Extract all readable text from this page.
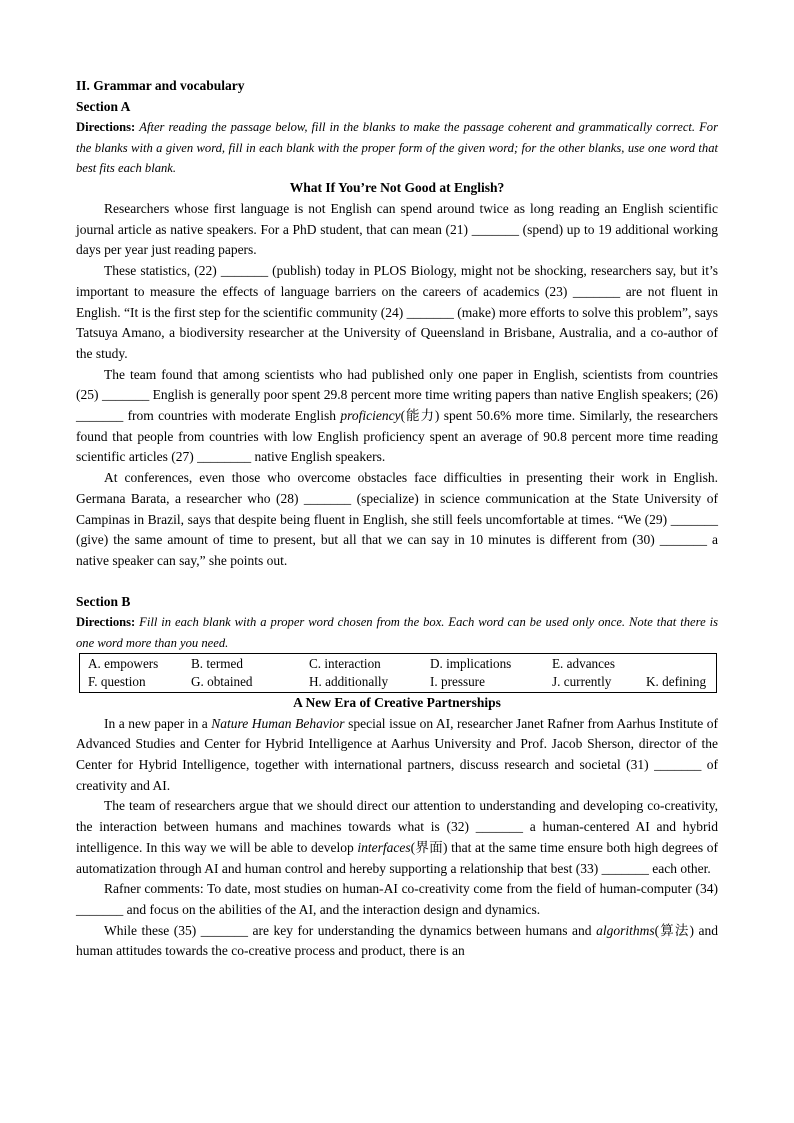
II. Grammar and vocabulary

Section A

Directions: After reading the passage below, fill in the blanks to make the passage coherent and grammatically correct. For the blanks with a given word, fill in each blank with the proper form of the given word; for the other blanks, use one word that best fits each blank.

What If You’re Not Good at English?

Researchers whose first language is not English can spend around twice as long reading an English scientific journal article as native speakers. For a PhD student, that can mean (21) _______ (spend) up to 19 additional working days per year just reading papers.

These statistics, (22) _______ (publish) today in PLOS Biology, might not be shocking, researchers say, but it’s important to measure the effects of language barriers on the careers of academics (23) _______ are not fluent in English. “It is the first step for the scientific community (24) _______ (make) more efforts to solve this problem”, says Tatsuya Amano, a biodiversity researcher at the University of Queensland in Brisbane, Australia, and a co-author of the study.

The team found that among scientists who had published only one paper in English, scientists from countries (25) _______ English is generally poor spent 29.8 percent more time writing papers than native English speakers; (26) _______ from countries with moderate English proficiency(能力) spent 50.6% more time. Similarly, the researchers found that people from countries with low English proficiency spent an average of 90.8 percent more time reading scientific articles (27) ________ native English speakers.

At conferences, even those who overcome obstacles face difficulties in presenting their work in English. Germana Barata, a researcher who (28) _______ (specialize) in science communication at the State University of Campinas in Brazil, says that despite being fluent in English, she still feels uncomfortable at times. “We (29) _______ (give) the same amount of time to present, but all that we can say in 10 minutes is different from (30) _______ a native speaker can say,” she points out.

Section B

Directions: Fill in each blank with a proper word chosen from the box. Each word can be used only once. Note that there is one word more than you need.

A. empowers	B. termed	C. interaction	D. implications	E. advances	
F. question	G. obtained	H. additionally	I. pressure	J. currently	K. defining

A New Era of Creative Partnerships

In a new paper in a Nature Human Behavior special issue on AI, researcher Janet Rafner from Aarhus Institute of Advanced Studies and Center for Hybrid Intelligence at Aarhus University and Prof. Jacob Sherson, director of the Center for Hybrid Intelligence, together with international partners, discuss research and societal (31) _______ of creativity and AI.

The team of researchers argue that we should direct our attention to understanding and developing co-creativity, the interaction between humans and machines towards what is (32) _______ a human-centered AI and hybrid intelligence. In this way we will be able to develop interfaces(界面) that at the same time ensure both high degrees of automatization through AI and human control and hereby supporting a relationship that best (33) _______ each other.

Rafner comments: To date, most studies on human-AI co-creativity come from the field of human-computer (34) _______ and focus on the abilities of the AI, and the interaction design and dynamics.

While these (35) _______ are key for understanding the dynamics between humans and algorithms(算法) and human attitudes towards the co-creative process and product, there is an
